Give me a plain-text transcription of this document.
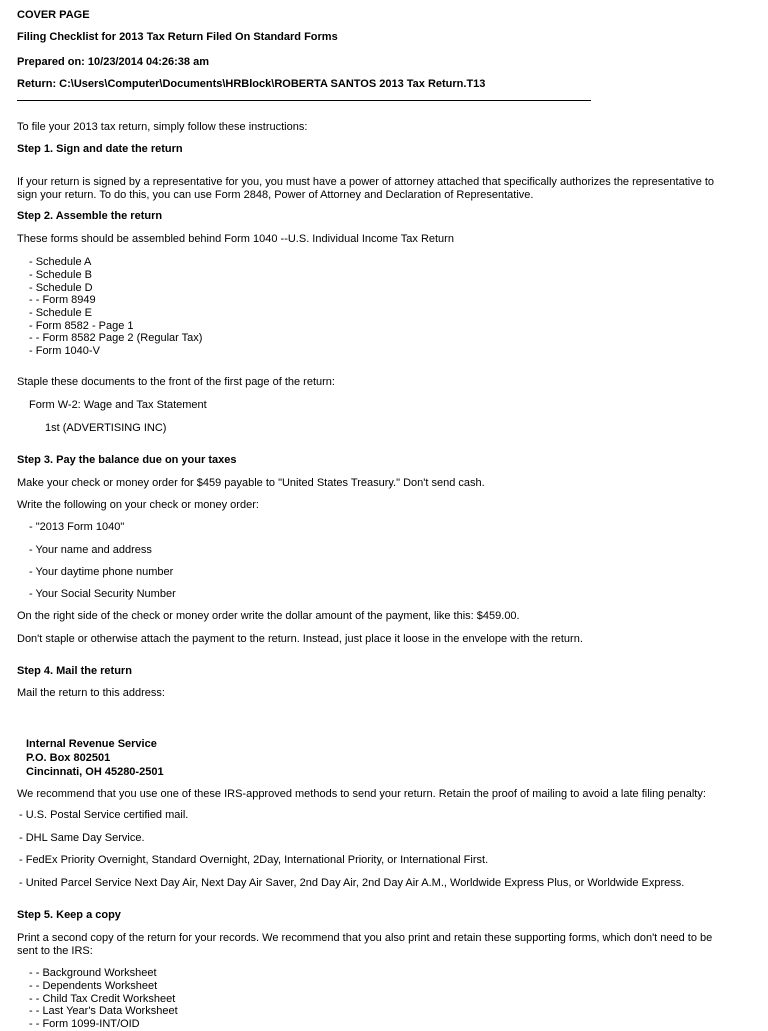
COVER PAGE
Filing Checklist for 2013 Tax Return Filed On Standard Forms
Prepared on: 10/23/2014 04:26:38 am
Return: C:\Users\Computer\Documents\HRBlock\ROBERTA SANTOS 2013 Tax Return.T13
To file your 2013 tax return, simply follow these instructions:
Step 1. Sign and date the return
If your return is signed by a representative for you, you must have a power of attorney attached that specifically authorizes the representative to
sign your return. To do this, you can use Form 2848, Power of Attorney and Declaration of Representative.
Step 2. Assemble the return
These forms should be assembled behind Form 1040 --U.S. Individual Income Tax Return
- Schedule A
- Schedule B
- Schedule D
- - Form 8949
- Schedule E
- Form 8582 - Page 1
- - Form 8582 Page 2 (Regular Tax)
- Form 1040-V
Staple these documents to the front of the first page of the return:
Form W-2: Wage and Tax Statement
1st (ADVERTISING INC)
Step 3. Pay the balance due on your taxes
Make your check or money order for $459 payable to "United States Treasury." Don't send cash.
Write the following on your check or money order:
- "2013 Form 1040"
- Your name and address
- Your daytime phone number
- Your Social Security Number
On the right side of the check or money order write the dollar amount of the payment, like this: $459.00.
Don't staple or otherwise attach the payment to the return. Instead, just place it loose in the envelope with the return.
Step 4. Mail the return
Mail the return to this address:
Internal Revenue Service
P.O. Box 802501
Cincinnati, OH 45280-2501
We recommend that you use one of these IRS-approved methods to send your return. Retain the proof of mailing to avoid a late filing penalty:
- U.S. Postal Service certified mail.
- DHL Same Day Service.
- FedEx Priority Overnight, Standard Overnight, 2Day, International Priority, or International First.
- United Parcel Service Next Day Air, Next Day Air Saver, 2nd Day Air, 2nd Day Air A.M., Worldwide Express Plus, or Worldwide Express.
Step 5. Keep a copy
Print a second copy of the return for your records. We recommend that you also print and retain these supporting forms, which don't need to be
sent to the IRS:
- - Background Worksheet
- - Dependents Worksheet
- - Child Tax Credit Worksheet
- - Last Year's Data Worksheet
- - Form 1099-INT/OID
